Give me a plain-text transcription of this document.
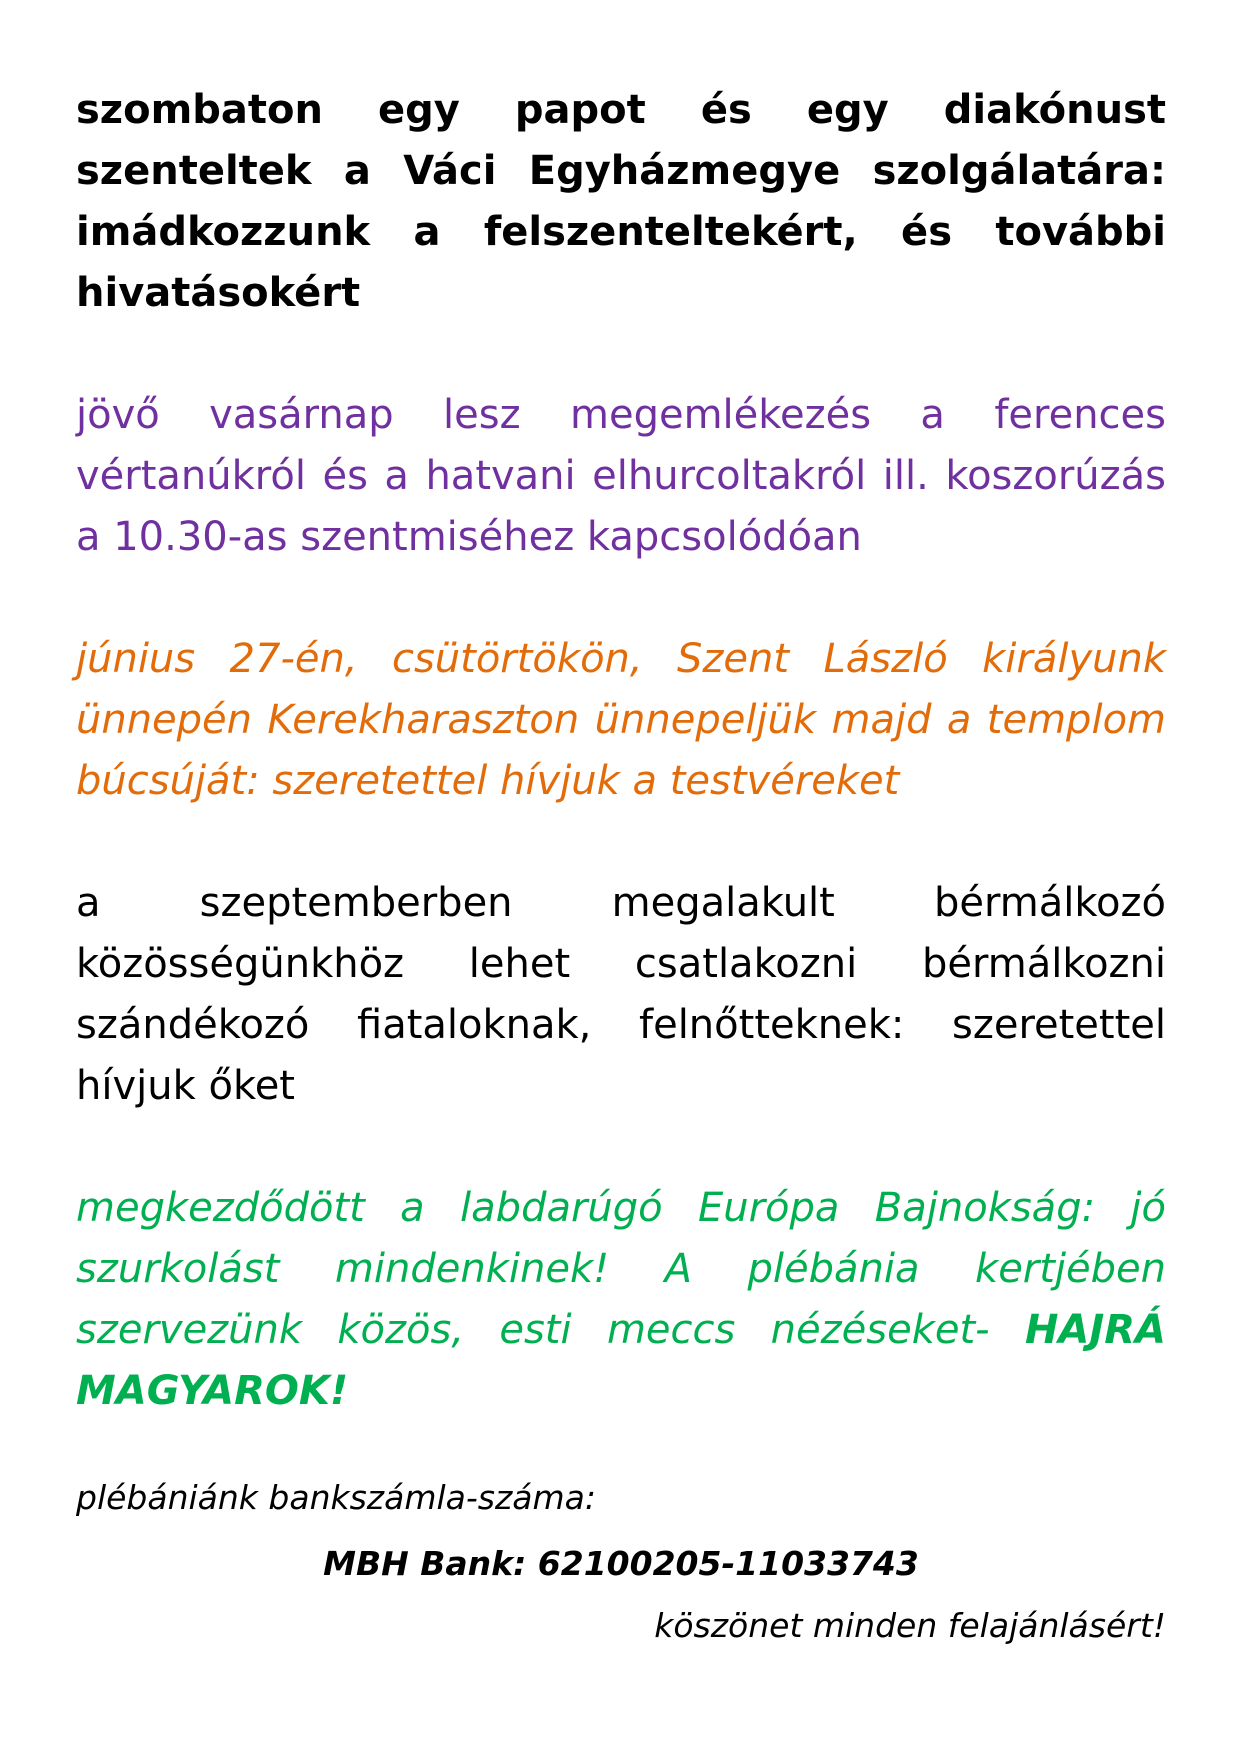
szombaton egy papot és egy diakónust szenteltek a Váci Egyházmegye szolgálatára: imádkozzunk a felszenteltekért, és további hivatásokért

jövő vasárnap lesz megemlékezés a ferences vértanúkról és a hatvani elhurcoltakról ill. koszorúzás a 10.30-as szentmiséhez kapcsolódóan

június 27-én, csütörtökön, Szent László királyunk ünnepén Kerekharaszton ünnepeljük majd a templom búcsúját: szeretettel hívjuk a testvéreket

a szeptemberben megalakult bérmálkozó közösségünkhöz lehet csatlakozni bérmálkozni szándékozó fiataloknak, felnőtteknek: szeretettel hívjuk őket

megkezdődött a labdarúgó Európa Bajnokság: jó szurkolást mindenkinek! A plébánia kertjében szervezünk közös, esti meccs nézéseket- HAJRÁ MAGYAROK!

plébániánk bankszámla-száma:
MBH Bank: 62100205-11033743
köszönet minden felajánlásért!
